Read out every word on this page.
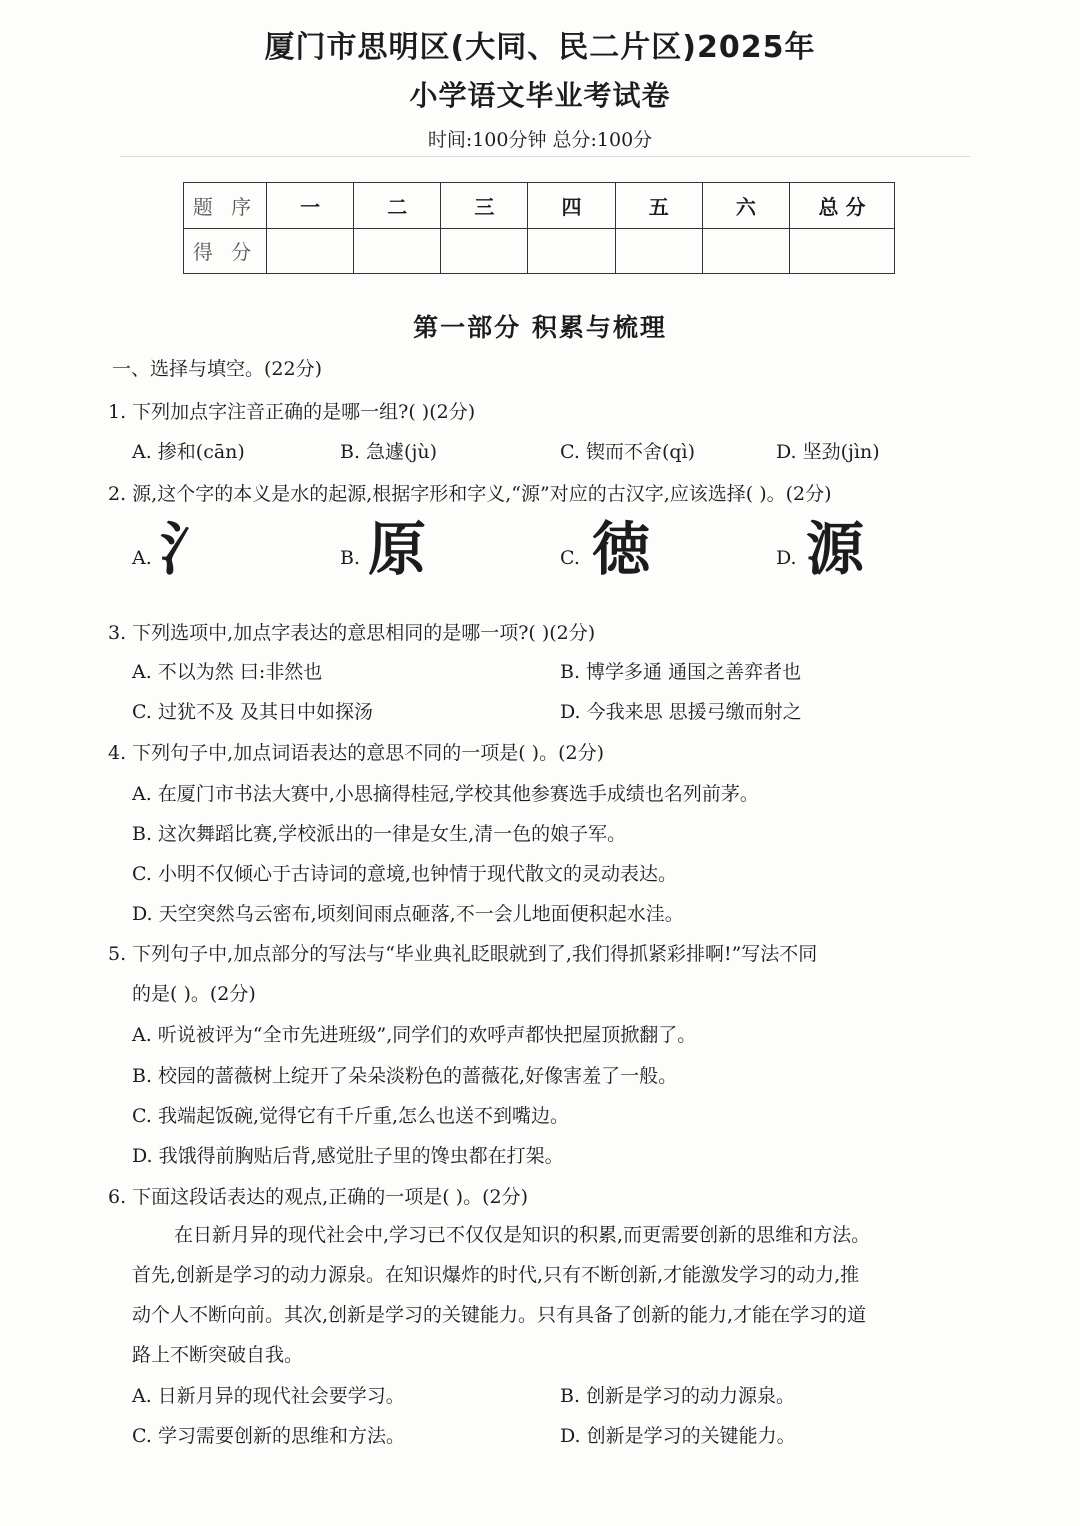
厦门市思明区(大同、民二片区)2025年
小学语文毕业考试卷
时间:100分钟 总分:100分
题 序	一	二	三	四	五	六	总 分
得 分							
第一部分 积累与梳理
一、选择与填空。(22分)
1. 下列加点字注音正确的是哪一组?( )(2分)
A. 掺和(cān)	B. 急遽(jù)	C. 锲而不舍(qì)	D. 坚劲(jìn)
2. 源,这个字的本义是水的起源,根据字形和字义,“源”对应的古汉字,应该选择( )。(2分)
A. 氵	B. 原	C. 徳	D. 源
3. 下列选项中,加点字表达的意思相同的是哪一项?( )(2分)
A. 不以为然 曰:非然也	B. 博学多通 通国之善弈者也
C. 过犹不及 及其日中如探汤	D. 今我来思 思援弓缴而射之
4. 下列句子中,加点词语表达的意思不同的一项是( )。(2分)
A. 在厦门市书法大赛中,小思摘得桂冠,学校其他参赛选手成绩也名列前茅。
B. 这次舞蹈比赛,学校派出的一律是女生,清一色的娘子军。
C. 小明不仅倾心于古诗词的意境,也钟情于现代散文的灵动表达。
D. 天空突然乌云密布,顷刻间雨点砸落,不一会儿地面便积起水洼。
5. 下列句子中,加点部分的写法与“毕业典礼眨眼就到了,我们得抓紧彩排啊!”写法不同
的是( )。(2分)
A. 听说被评为“全市先进班级”,同学们的欢呼声都快把屋顶掀翻了。
B. 校园的蔷薇树上绽开了朵朵淡粉色的蔷薇花,好像害羞了一般。
C. 我端起饭碗,觉得它有千斤重,怎么也送不到嘴边。
D. 我饿得前胸贴后背,感觉肚子里的馋虫都在打架。
6. 下面这段话表达的观点,正确的一项是( )。(2分)
在日新月异的现代社会中,学习已不仅仅是知识的积累,而更需要创新的思维和方法。
首先,创新是学习的动力源泉。在知识爆炸的时代,只有不断创新,才能激发学习的动力,推
动个人不断向前。其次,创新是学习的关键能力。只有具备了创新的能力,才能在学习的道
路上不断突破自我。
A. 日新月异的现代社会要学习。	B. 创新是学习的动力源泉。
C. 学习需要创新的思维和方法。	D. 创新是学习的关键能力。
